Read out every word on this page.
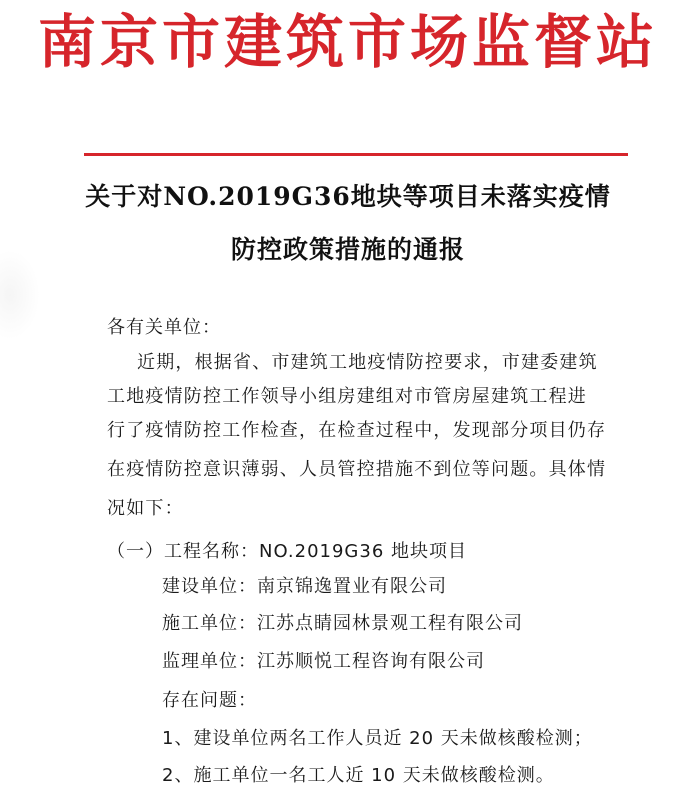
南京市建筑市场监督站
关于对NO.2019G36地块等项目未落实疫情
防控政策措施的通报
各有关单位：
近期，根据省、市建筑工地疫情防控要求，市建委建筑
工地疫情防控工作领导小组房建组对市管房屋建筑工程进
行了疫情防控工作检查，在检查过程中，发现部分项目仍存
在疫情防控意识薄弱、人员管控措施不到位等问题。具体情
况如下：
（一）工程名称：NO.2019G36 地块项目
建设单位：南京锦逸置业有限公司
施工单位：江苏点睛园林景观工程有限公司
监理单位：江苏顺悦工程咨询有限公司
存在问题：
1、建设单位两名工作人员近 20 天未做核酸检测；
2、施工单位一名工人近 10 天未做核酸检测。
